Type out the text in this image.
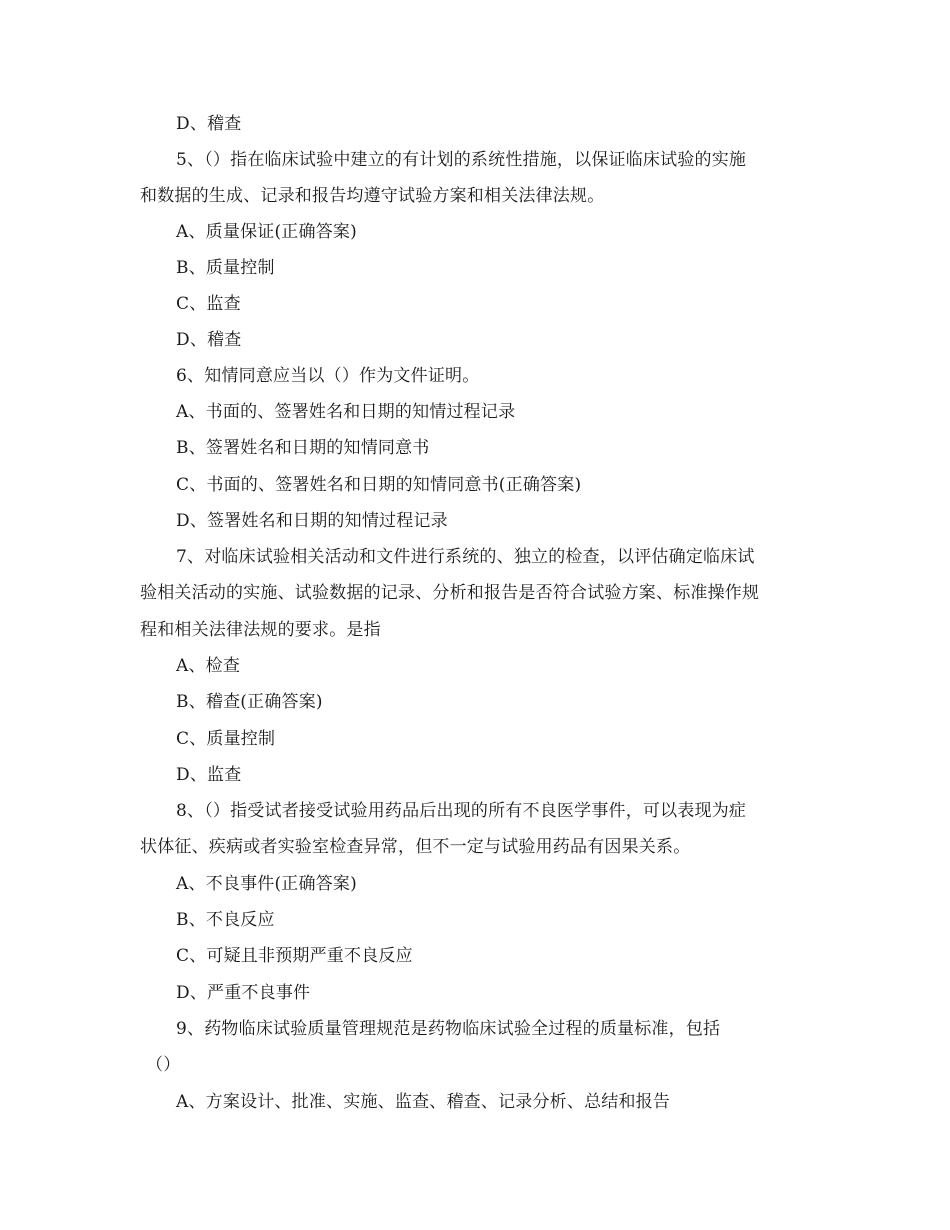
D、稽查
5、（）指在临床试验中建立的有计划的系统性措施，以保证临床试验的实施
和数据的生成、记录和报告均遵守试验方案和相关法律法规。
A、质量保证(正确答案)
B、质量控制
C、监查
D、稽查
6、知情同意应当以（）作为文件证明。
A、书面的、签署姓名和日期的知情过程记录
B、签署姓名和日期的知情同意书
C、书面的、签署姓名和日期的知情同意书(正确答案)
D、签署姓名和日期的知情过程记录
7、对临床试验相关活动和文件进行系统的、独立的检查，以评估确定临床试
验相关活动的实施、试验数据的记录、分析和报告是否符合试验方案、标准操作规
程和相关法律法规的要求。是指
A、检查
B、稽查(正确答案)
C、质量控制
D、监查
8、（）指受试者接受试验用药品后出现的所有不良医学事件，可以表现为症
状体征、疾病或者实验室检查异常，但不一定与试验用药品有因果关系。
A、不良事件(正确答案)
B、不良反应
C、可疑且非预期严重不良反应
D、严重不良事件
9、药物临床试验质量管理规范是药物临床试验全过程的质量标准，包括
（）
A、方案设计、批准、实施、监查、稽查、记录分析、总结和报告
